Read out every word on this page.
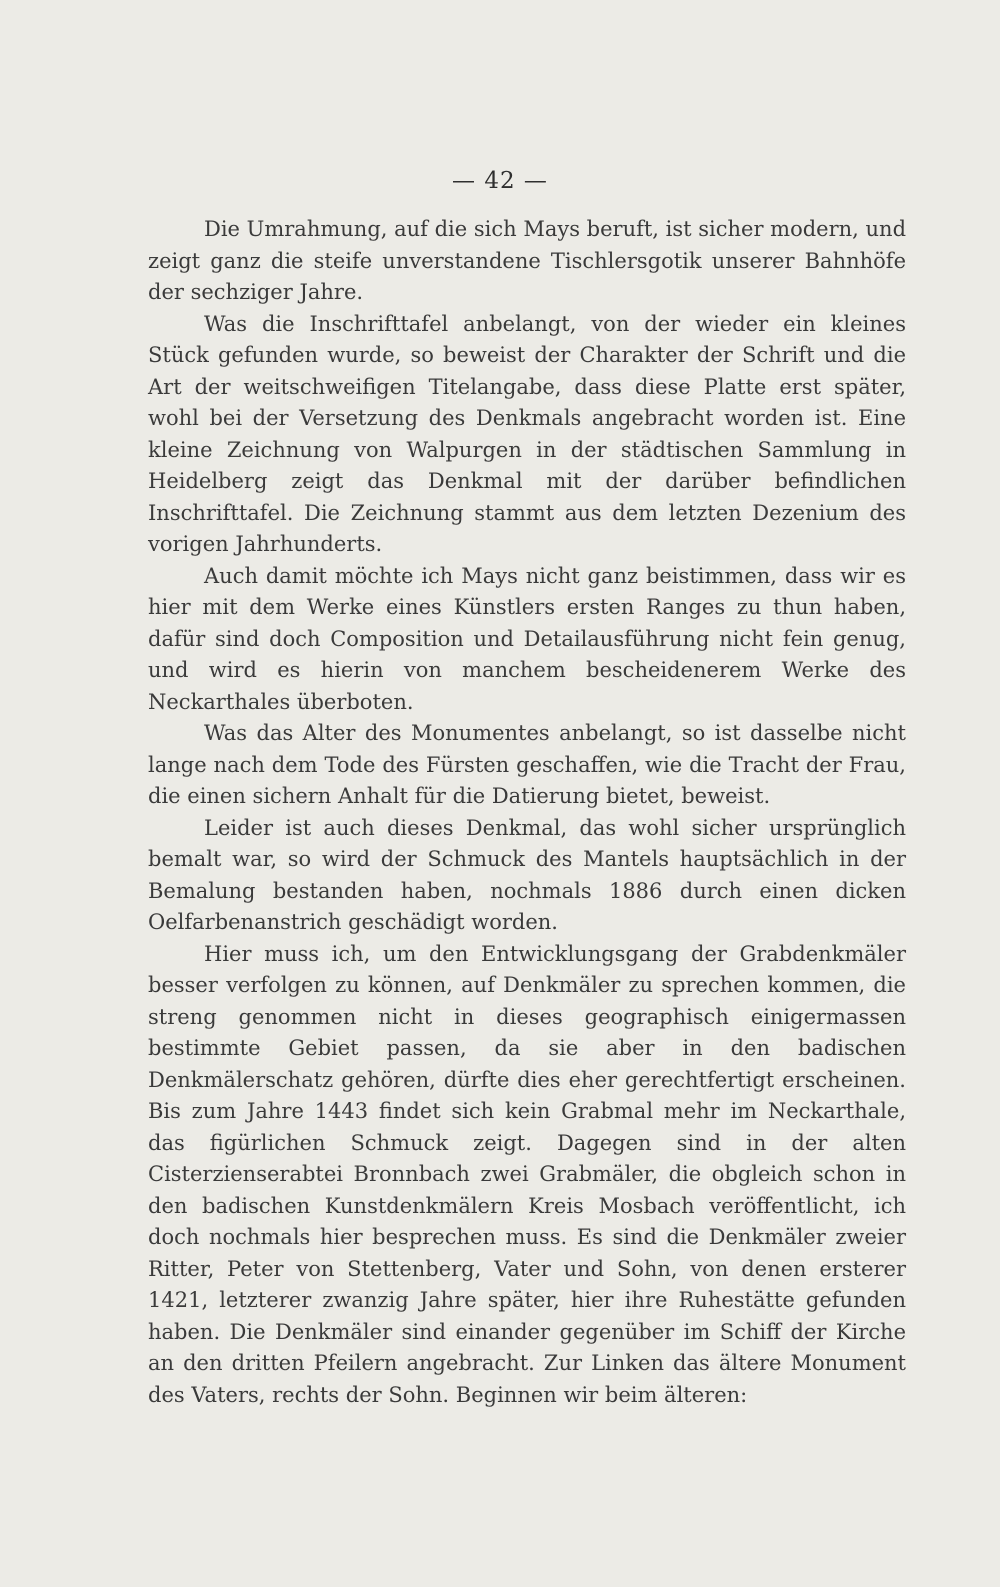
— 42 —

Die Umrahmung, auf die sich Mays beruft, ist sicher modern, und zeigt ganz die steife unverstandene Tischlersgotik unserer Bahnhöfe der sechziger Jahre.

Was die Inschrifttafel anbelangt, von der wieder ein kleines Stück gefunden wurde, so beweist der Charakter der Schrift und die Art der weitschweifigen Titelangabe, dass diese Platte erst später, wohl bei der Versetzung des Denkmals angebracht worden ist. Eine kleine Zeichnung von Walpurgen in der städtischen Sammlung in Heidelberg zeigt das Denkmal mit der darüber befindlichen Inschrifttafel. Die Zeichnung stammt aus dem letzten Dezenium des vorigen Jahrhunderts.

Auch damit möchte ich Mays nicht ganz beistimmen, dass wir es hier mit dem Werke eines Künstlers ersten Ranges zu thun haben, dafür sind doch Composition und Detailausführung nicht fein genug, und wird es hierin von manchem bescheidenerem Werke des Neckarthales überboten.

Was das Alter des Monumentes anbelangt, so ist dasselbe nicht lange nach dem Tode des Fürsten geschaffen, wie die Tracht der Frau, die einen sichern Anhalt für die Datierung bietet, beweist.

Leider ist auch dieses Denkmal, das wohl sicher ursprünglich bemalt war, so wird der Schmuck des Mantels hauptsächlich in der Bemalung bestanden haben, nochmals 1886 durch einen dicken Oelfarbenanstrich geschädigt worden.

Hier muss ich, um den Entwicklungsgang der Grabdenkmäler besser verfolgen zu können, auf Denkmäler zu sprechen kommen, die streng genommen nicht in dieses geographisch einigermassen bestimmte Gebiet passen, da sie aber in den badischen Denkmälerschatz gehören, dürfte dies eher gerechtfertigt erscheinen. Bis zum Jahre 1443 findet sich kein Grabmal mehr im Neckarthale, das figürlichen Schmuck zeigt. Dagegen sind in der alten Cisterzienserabtei Bronnbach zwei Grabmäler, die obgleich schon in den badischen Kunstdenkmälern Kreis Mosbach veröffentlicht, ich doch nochmals hier besprechen muss. Es sind die Denkmäler zweier Ritter, Peter von Stettenberg, Vater und Sohn, von denen ersterer 1421, letzterer zwanzig Jahre später, hier ihre Ruhestätte gefunden haben. Die Denkmäler sind einander gegenüber im Schiff der Kirche an den dritten Pfeilern angebracht. Zur Linken das ältere Monument des Vaters, rechts der Sohn. Beginnen wir beim älteren:
